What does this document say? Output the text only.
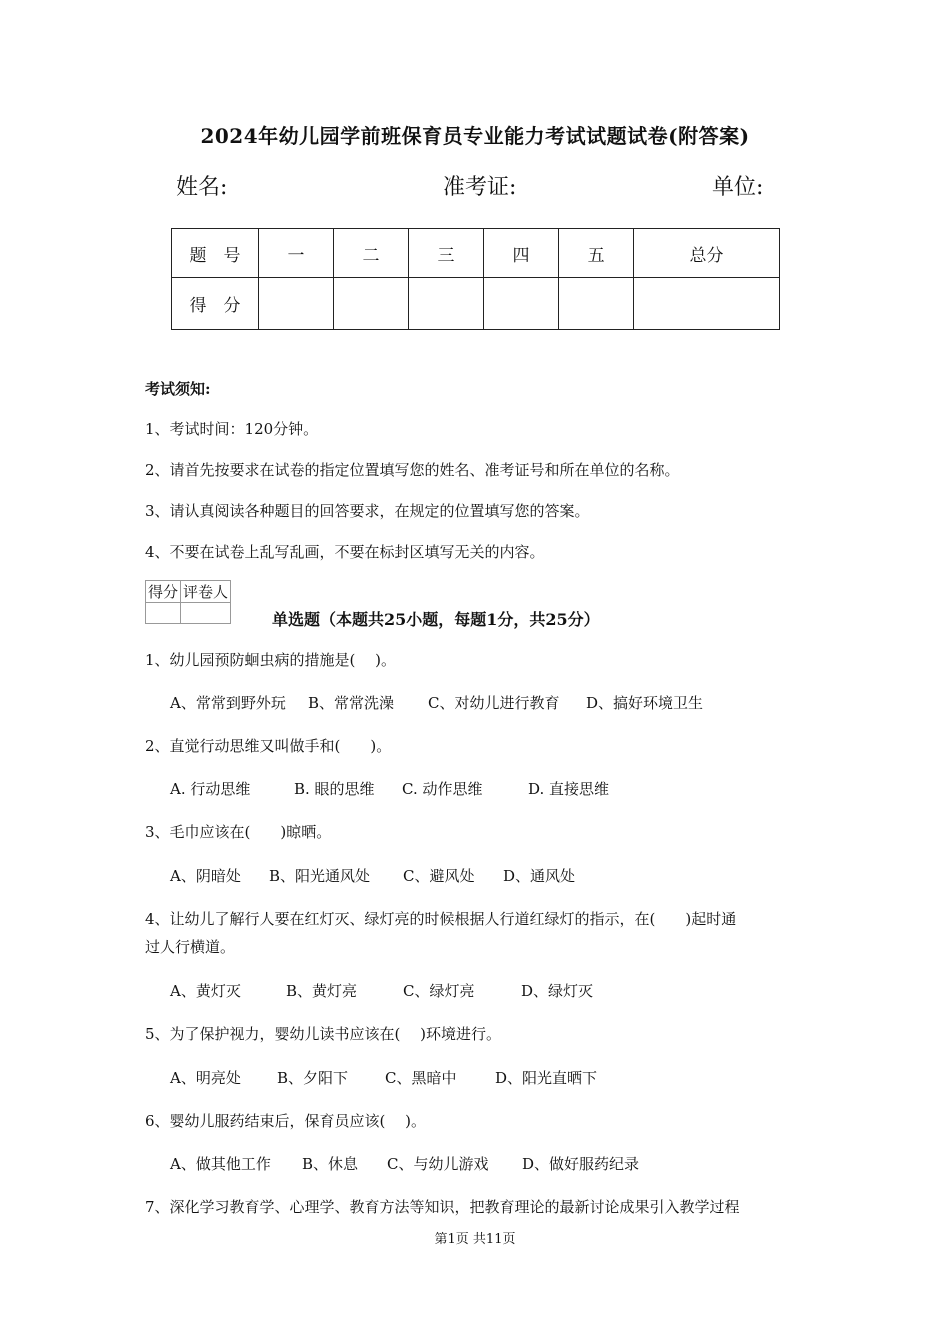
2024年幼儿园学前班保育员专业能力考试试题试卷(附答案)
姓名:	准考证:	单位:
题　号	一	二	三	四	五	总分
得　分						
考试须知:
1、考试时间：120分钟。
2、请首先按要求在试卷的指定位置填写您的姓名、准考证号和所在单位的名称。
3、请认真阅读各种题目的回答要求，在规定的位置填写您的答案。
4、不要在试卷上乱写乱画，不要在标封区填写无关的内容。
得分	评卷人

单选题（本题共25小题，每题1分，共25分）
1、幼儿园预防蛔虫病的措施是(　 )。
A、常常到野外玩 B、常常洗澡 C、对幼儿进行教育 D、搞好环境卫生
2、直觉行动思维又叫做手和(　　)。
A. 行动思维	B. 眼的思维 C. 动作思维	D. 直接思维
3、毛巾应该在(　　)晾晒。
A、阴暗处 B、阳光通风处 C、避风处 D、通风处
4、让幼儿了解行人要在红灯灭、绿灯亮的时候根据人行道红绿灯的指示，在(　　)起时通
过人行横道。
A、黄灯灭	B、黄灯亮	C、绿灯亮	D、绿灯灭
5、为了保护视力，婴幼儿读书应该在(　 )环境进行。
A、明亮处 B、夕阳下 C、黑暗中	D、阳光直晒下
6、婴幼儿服药结束后，保育员应该(　 )。
A、做其他工作 B、休息 C、与幼儿游戏 D、做好服药纪录
7、深化学习教育学、心理学、教育方法等知识，把教育理论的最新讨论成果引入教学过程
第1页 共11页
